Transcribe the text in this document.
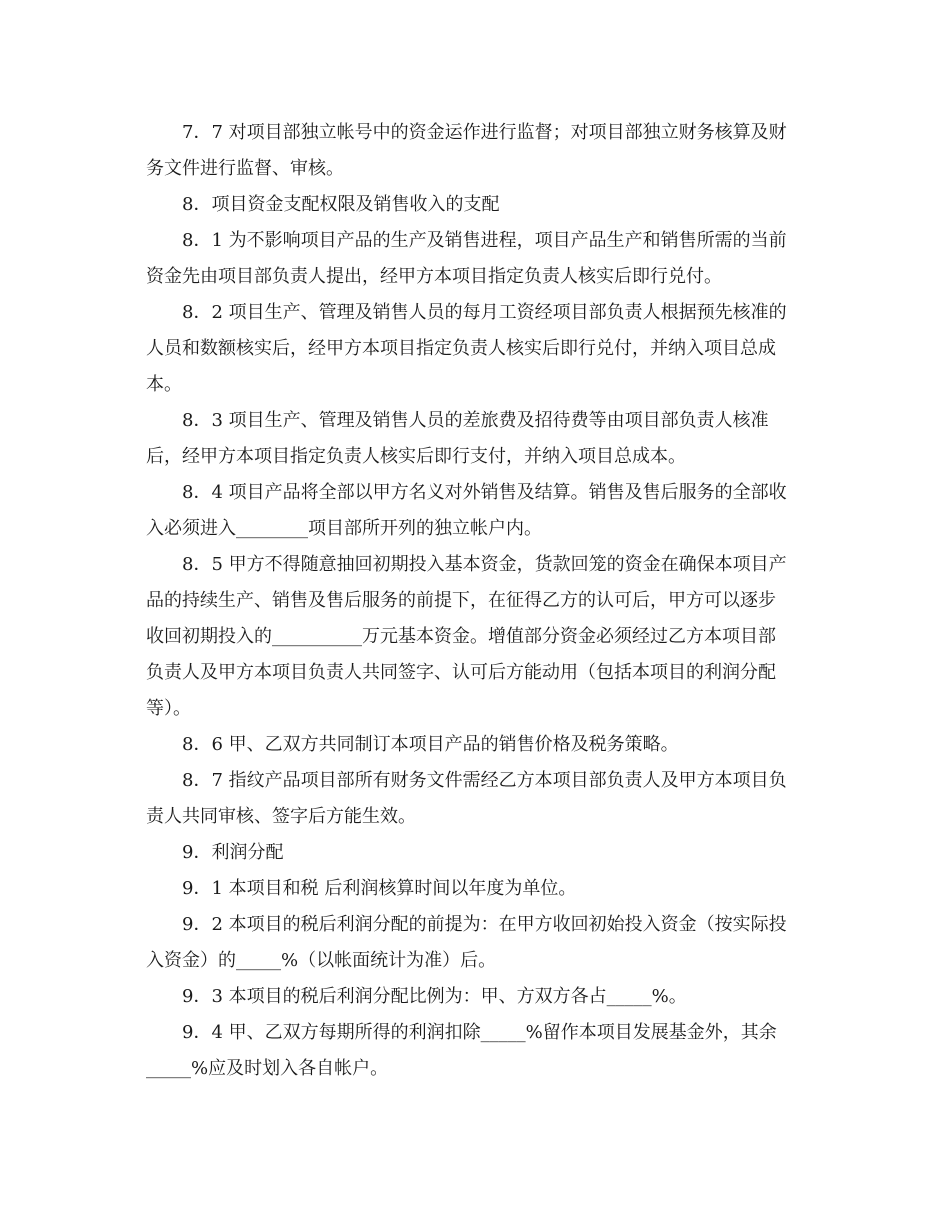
7．7 对项目部独立帐号中的资金运作进行监督；对项目部独立财务核算及财

务文件进行监督、审核。

8．项目资金支配权限及销售收入的支配

8．1 为不影响项目产品的生产及销售进程，项目产品生产和销售所需的当前

资金先由项目部负责人提出，经甲方本项目指定负责人核实后即行兑付。

8．2 项目生产、管理及销售人员的每月工资经项目部负责人根据预先核准的

人员和数额核实后，经甲方本项目指定负责人核实后即行兑付，并纳入项目总成

本。

8．3 项目生产、管理及销售人员的差旅费及招待费等由项目部负责人核准

后，经甲方本项目指定负责人核实后即行支付，并纳入项目总成本。

8．4 项目产品将全部以甲方名义对外销售及结算。销售及售后服务的全部收

入必须进入________项目部所开列的独立帐户内。

8．5 甲方不得随意抽回初期投入基本资金，货款回笼的资金在确保本项目产

品的持续生产、销售及售后服务的前提下，在征得乙方的认可后，甲方可以逐步

收回初期投入的__________万元基本资金。增值部分资金必须经过乙方本项目部

负责人及甲方本项目负责人共同签字、认可后方能动用（包括本项目的利润分配

等）。

8．6 甲、乙双方共同制订本项目产品的销售价格及税务策略。

8．7 指纹产品项目部所有财务文件需经乙方本项目部负责人及甲方本项目负

责人共同审核、签字后方能生效。

9．利润分配

9．1 本项目和税 后利润核算时间以年度为单位。

9．2 本项目的税后利润分配的前提为：在甲方收回初始投入资金（按实际投

入资金）的_____%（以帐面统计为准）后。

9．3 本项目的税后利润分配比例为：甲、方双方各占_____%。

9．4 甲、乙双方每期所得的利润扣除_____%留作本项目发展基金外，其余

_____%应及时划入各自帐户。
